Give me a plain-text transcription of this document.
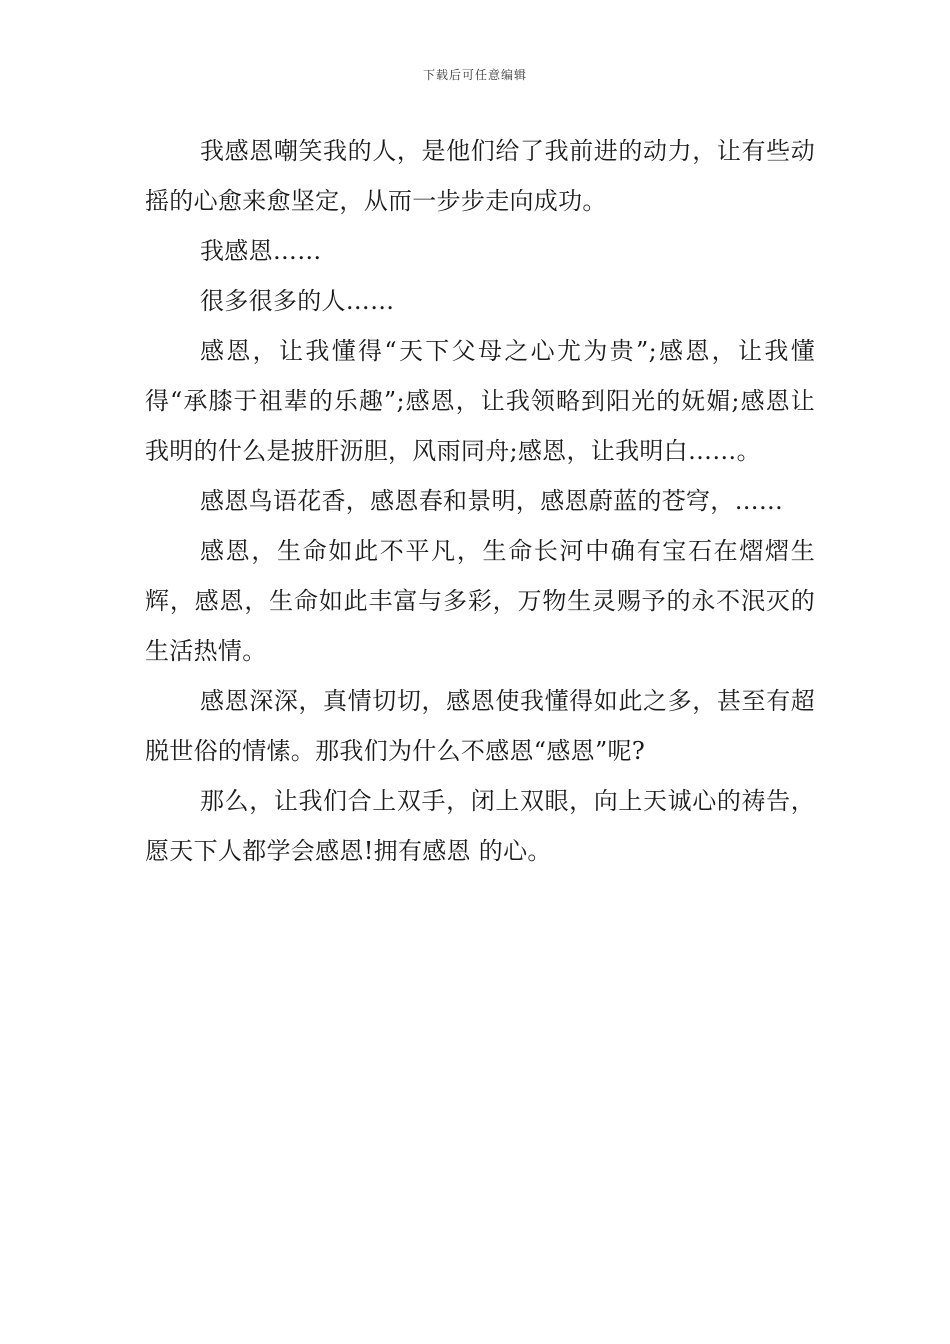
下载后可任意编辑

我感恩嘲笑我的人，是他们给了我前进的动力，让有些动摇的心愈来愈坚定，从而一步步走向成功。

我感恩……

很多很多的人……

感恩，让我懂得“天下父母之心尤为贵”;感恩，让我懂得“承膝于祖辈的乐趣”;感恩，让我领略到阳光的妩媚;感恩让我明的什么是披肝沥胆，风雨同舟;感恩，让我明白……。

感恩鸟语花香，感恩春和景明，感恩蔚蓝的苍穹，……

感恩，生命如此不平凡，生命长河中确有宝石在熠熠生辉，感恩，生命如此丰富与多彩，万物生灵赐予的永不泯灭的生活热情。

感恩深深，真情切切，感恩使我懂得如此之多，甚至有超脱世俗的情愫。那我们为什么不感恩“感恩”呢?

那么，让我们合上双手，闭上双眼，向上天诚心的祷告，愿天下人都学会感恩!拥有感恩 的心。
